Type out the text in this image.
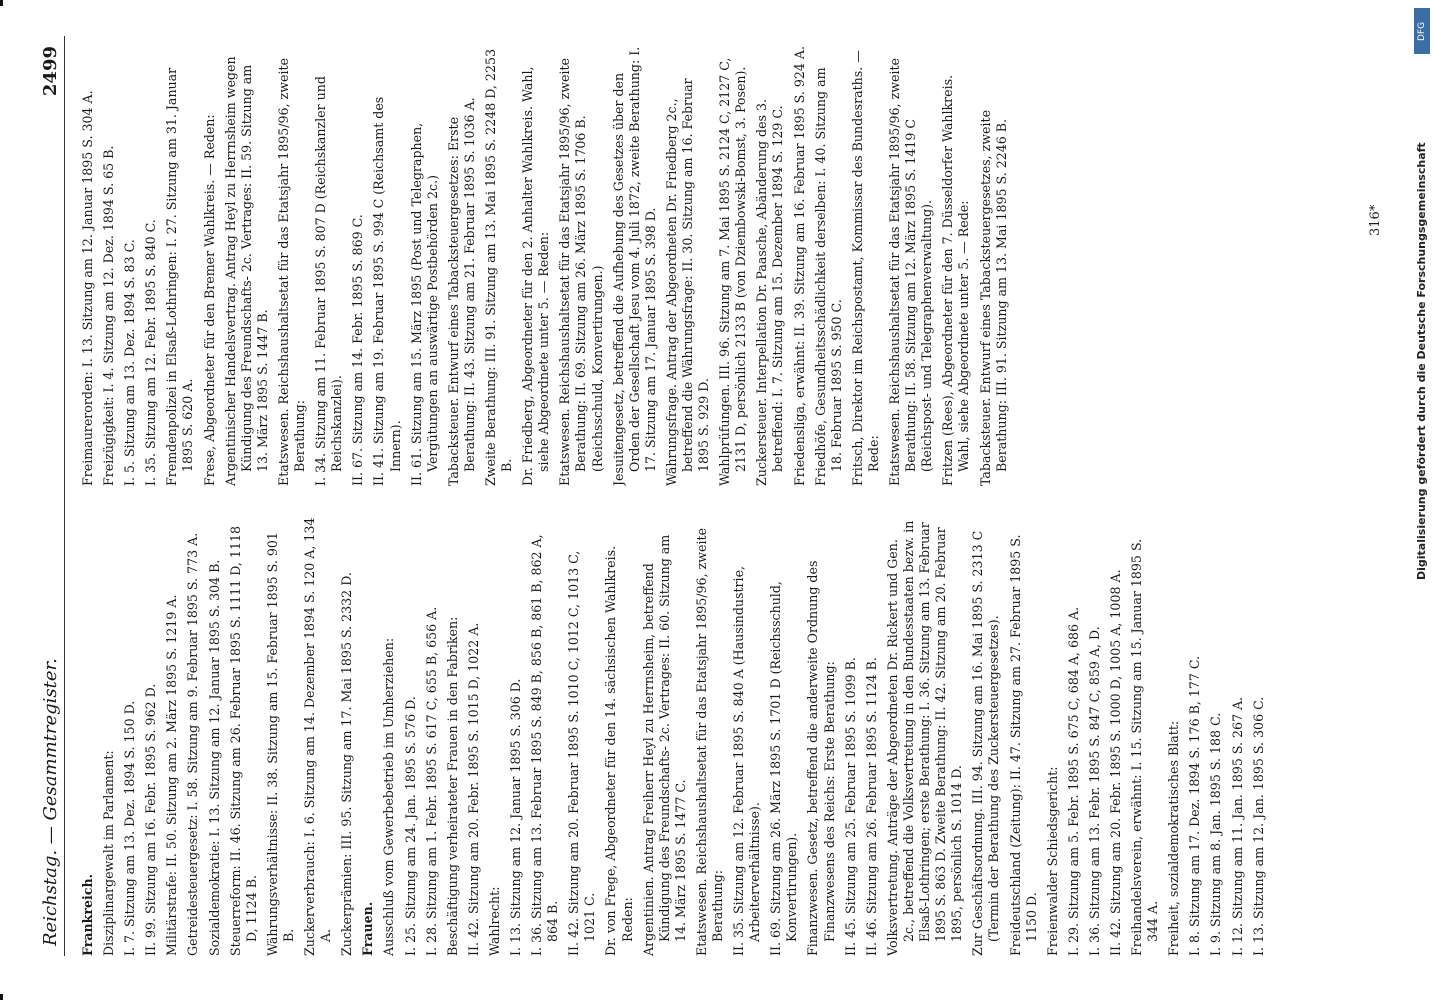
Reichstag. — Gesammtregister.
2499

Frankreich. Disziplinargewalt im Parlament: I. 7. Sitzung am 13. Dez. 1894 S. 150 D. II. 99. Sitzung am 16. Febr. 1895 S. 962 D. Militärstrafe: II. 50. Sitzung am 2. März 1895 S. 1219 A. Getreidesteuergesetz: I. 58. Sitzung am 9. Februar 1895 S. 773 A. Sozialdemokratie: I. 13. Sitzung am 12. Januar 1895 S. 304 B. Steuerreform: II. 46. Sitzung am 26. Februar 1895 S. 1111 D, 1118 D, 1124 B. Währungsverhältnisse: II. 38. Sitzung am 15. Februar 1895 S. 901 B. Zuckerverbrauch: I. 6. Sitzung am 14. Dezember 1894 S. 120 A, 134 A. Zuckerprämien: III. 95. Sitzung am 17. Mai 1895 S. 2332 D. Frauen. Ausschluß vom Gewerbebetrieb im Umherziehen: I. 25. Sitzung am 24. Jan. 1895 S. 576 D. I. 28. Sitzung am 1. Febr. 1895 S. 617 C, 655 B, 656 A. Beschäftigung verheirateter Frauen in den Fabriken: II. 42. Sitzung am 20. Febr. 1895 S. 1015 D, 1022 A. Wahlrecht: I. 13. Sitzung am 12. Januar 1895 S. 306 D. I. 36. Sitzung am 13. Februar 1895 S. 849 B, 856 B, 861 B, 862 A, 864 B. II. 42. Sitzung am 20. Februar 1895 S. 1010 C, 1012 C, 1013 C, 1021 C. Dr. von Frege, Abgeordneter für den 14. sächsischen Wahlkreis. Reden: Argentinien. Antrag Freiherr Heyl zu Herrnsheim, betreffend Kündigung des Freundschafts- 2c. Vertrages: II. 60. Sitzung am 14. März 1895 S. 1477 C. Etatswesen. Reichshaushaltsetat für das Etatsjahr 1895/96, zweite Berathung: II. 35. Sitzung am 12. Februar 1895 S. 840 A (Hausindustrie, Arbeiterverhältnisse). II. 69. Sitzung am 26. März 1895 S. 1701 D (Reichsschuld, Konvertirungen). Finanzwesen. Gesetz, betreffend die anderweite Ordnung des Finanzwesens des Reichs: Erste Berathung: II. 45. Sitzung am 25. Februar 1895 S. 1099 B. II. 46. Sitzung am 26. Februar 1895 S. 1124 B. Volksvertretung. Anträge der Abgeordneten Dr. Rickert und Gen. 2c., betreffend die Volksvertretung in den Bundesstaaten bezw. in Elsaß-Lothringen; erste Berathung: I. 36. Sitzung am 13. Februar 1895 S. 863 D. Zweite Berathung: II. 42. Sitzung am 20. Februar 1895, persönlich S. 1014 D. Zur Geschäftsordnung. III. 94. Sitzung am 16. Mai 1895 S. 2313 C (Termin der Berathung des Zuckersteuergesetzes). Freideutschland (Zeitung): II. 47. Sitzung am 27. Februar 1895 S. 1150 D. Freienwalder Schiedsgericht: I. 29. Sitzung am 5. Febr. 1895 S. 675 C, 684 A, 686 A. I. 36. Sitzung am 13. Febr. 1895 S. 847 C, 859 A, D. II. 42. Sitzung am 20. Febr. 1895 S. 1000 D, 1005 A, 1008 A. Freihandelsverein, erwähnt: I. 15. Sitzung am 15. Januar 1895 S. 344 A. Freiheit, sozialdemokratisches Blatt: I. 8. Sitzung am 17. Dez. 1894 S. 176 B, 177 C. I. 9. Sitzung am 8. Jan. 1895 S. 188 C. I. 12. Sitzung am 11. Jan. 1895 S. 267 A. I. 13. Sitzung am 12. Jan. 1895 S. 306 C.

Freimaurerorden: I. 13. Sitzung am 12. Januar 1895 S. 304 A. Freizügigkeit: I. 4. Sitzung am 12. Dez. 1894 S. 65 B. I. 5. Sitzung am 13. Dez. 1894 S. 83 C. I. 35. Sitzung am 12. Febr. 1895 S. 840 C. Fremdenpolizei in Elsaß-Lothringen: I. 27. Sitzung am 31. Januar 1895 S. 620 A. Frese, Abgeordneter für den Bremer Wahlkreis. — Reden: Argentinischer Handelsvertrag. Antrag Heyl zu Herrnsheim wegen Kündigung des Freundschafts- 2c. Vertrages: II. 59. Sitzung am 13. März 1895 S. 1447 B. Etatswesen. Reichshaushaltsetat für das Etatsjahr 1895/96, zweite Berathung: I. 34. Sitzung am 11. Februar 1895 S. 807 D (Reichskanzler und Reichskanzlei). II. 67. Sitzung am 14. Febr. 1895 S. 869 C. II. 41. Sitzung am 19. Februar 1895 S. 994 C (Reichsamt des Innern). II. 61. Sitzung am 15. März 1895 (Post und Telegraphen, Vergütungen an auswärtige Postbehörden 2c.) Tabacksteuer. Entwurf eines Tabacksteuergesetzes: Erste Berathung: II. 43. Sitzung am 21. Februar 1895 S. 1036 A. Zweite Berathung: III. 91. Sitzung am 13. Mai 1895 S. 2248 D, 2253 B. Dr. Friedberg, Abgeordneter für den 2. Anhalter Wahlkreis. Wahl, siehe Abgeordnete unter 5. — Reden: Etatswesen. Reichshaushaltsetat für das Etatsjahr 1895/96, zweite Berathung: II. 69. Sitzung am 26. März 1895 S. 1706 B. (Reichsschuld, Konvertirungen.) Jesuitengesetz, betreffend die Aufhebung des Gesetzes über den Orden der Gesellschaft Jesu vom 4. Juli 1872, zweite Berathung: I. 17. Sitzung am 17. Januar 1895 S. 398 D. Währungsfrage. Antrag der Abgeordneten Dr. Friedberg 2c., betreffend die Währungsfrage: II. 30. Sitzung am 16. Februar 1895 S. 929 D. Wahlprüfungen. III. 96. Sitzung am 7. Mai 1895 S. 2124 C, 2127 C, 2131 D, persönlich 2133 B (von Dziembowski-Bomst, 3. Posen). Zuckersteuer. Interpellation Dr. Paasche, Abänderung des 3. betreffend: I. 7. Sitzung am 15. Dezember 1894 S. 129 C. Friedensliga, erwähnt: II. 39. Sitzung am 16. Februar 1895 S. 924 A. Friedhöfe, Gesundheitsschädlichkeit derselben: I. 40. Sitzung am 18. Februar 1895 S. 950 C. Fritsch, Direktor im Reichspostamt, Kommissar des Bundesraths. — Rede: Etatswesen. Reichshaushaltsetat für das Etatsjahr 1895/96, zweite Berathung: II. 58. Sitzung am 12. März 1895 S. 1419 C (Reichspost- und Telegraphenverwaltung). Fritzen (Rees), Abgeordneter für den 7. Düsseldorfer Wahlkreis. Wahl, siehe Abgeordnete unter 5. — Rede: Tabacksteuer. Entwurf eines Tabacksteuergesetzes, zweite Berathung: III. 91. Sitzung am 13. Mai 1895 S. 2246 B.	316*
DFG
Digitalisierung gefördert durch die Deutsche Forschungsgemeinschaft
